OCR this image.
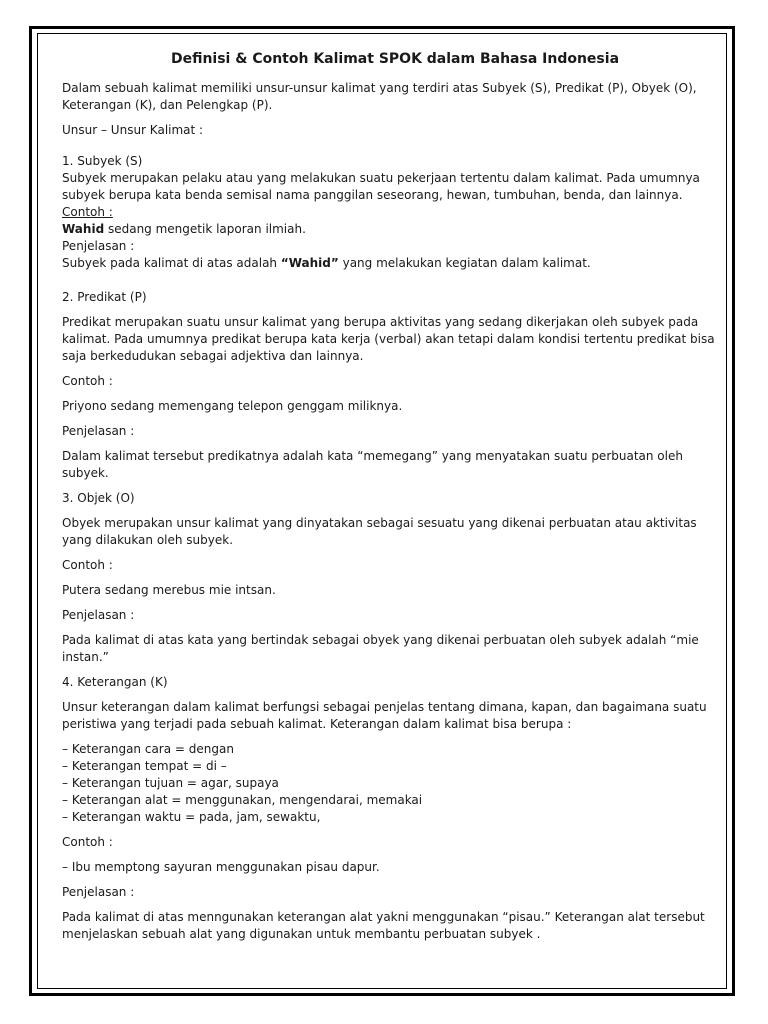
Definisi & Contoh Kalimat SPOK dalam Bahasa Indonesia

Dalam sebuah kalimat memiliki unsur-unsur kalimat yang terdiri atas Subyek (S), Predikat (P), Obyek (O), Keterangan (K), dan Pelengkap (P).

Unsur – Unsur Kalimat :

1. Subyek (S)

Subyek merupakan pelaku atau yang melakukan suatu pekerjaan tertentu dalam kalimat. Pada umumnya subyek berupa kata benda semisal nama panggilan seseorang, hewan, tumbuhan, benda, dan lainnya.

Contoh :

Wahid sedang mengetik laporan ilmiah.

Penjelasan :

Subyek pada kalimat di atas adalah “Wahid” yang melakukan kegiatan dalam kalimat.

2. Predikat (P)

Predikat merupakan suatu unsur kalimat yang berupa aktivitas yang sedang dikerjakan oleh subyek pada kalimat. Pada umumnya predikat berupa kata kerja (verbal) akan tetapi dalam kondisi tertentu predikat bisa saja berkedudukan sebagai adjektiva dan lainnya.

Contoh :

Priyono sedang memengang telepon genggam miliknya.

Penjelasan :

Dalam kalimat tersebut predikatnya adalah kata “memegang” yang menyatakan suatu perbuatan oleh subyek.

3. Objek (O)

Obyek merupakan unsur kalimat yang dinyatakan sebagai sesuatu yang dikenai perbuatan atau aktivitas yang dilakukan oleh subyek.

Contoh :

Putera sedang merebus mie intsan.

Penjelasan :

Pada kalimat di atas kata yang bertindak sebagai obyek yang dikenai perbuatan oleh subyek adalah “mie instan.”

4. Keterangan (K)

Unsur keterangan dalam kalimat berfungsi sebagai penjelas tentang dimana, kapan, dan bagaimana suatu peristiwa yang terjadi pada sebuah kalimat. Keterangan dalam kalimat bisa berupa :

– Keterangan cara = dengan

– Keterangan tempat = di –

– Keterangan tujuan = agar, supaya

– Keterangan alat = menggunakan, mengendarai, memakai

– Keterangan waktu = pada, jam, sewaktu,

Contoh :

– Ibu memptong sayuran menggunakan pisau dapur.

Penjelasan :

Pada kalimat di atas menngunakan keterangan alat yakni menggunakan “pisau.” Keterangan alat tersebut menjelaskan sebuah alat yang digunakan untuk membantu perbuatan subyek .
